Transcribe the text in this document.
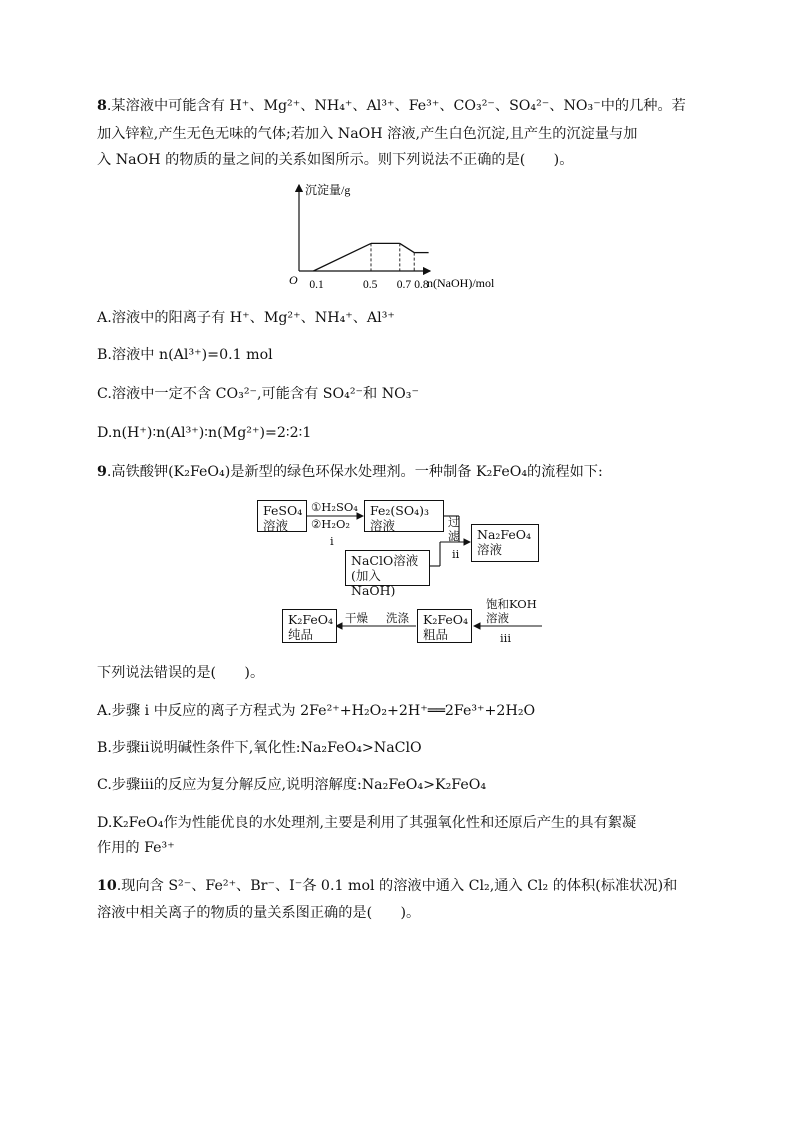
8.某溶液中可能含有 H⁺、Mg²⁺、NH₄⁺、Al³⁺、Fe³⁺、CO₃²⁻、SO₄²⁻、NO₃⁻中的几种。若
加入锌粒,产生无色无味的气体;若加入 NaOH 溶液,产生白色沉淀,且产生的沉淀量与加
入 NaOH 的物质的量之间的关系如图所示。则下列说法不正确的是(　　)。
沉淀量/g
O 0.1	0.5 0.7 0.8
n(NaOH)/mol
A.溶液中的阳离子有 H⁺、Mg²⁺、NH₄⁺、Al³⁺
B.溶液中 n(Al³⁺)=0.1 mol
C.溶液中一定不含 CO₃²⁻,可能含有 SO₄²⁻和 NO₃⁻
D.n(H⁺)∶n(Al³⁺)∶n(Mg²⁺)=2∶2∶1
9.高铁酸钾(K₂FeO₄)是新型的绿色环保水处理剂。一种制备 K₂FeO₄的流程如下:
FeSO₄
溶液
①H₂SO₄
②H₂O₂
i
Fe₂(SO₄)₃
溶液
NaClO溶液
(加入NaOH)
过
滤
ii
Na₂FeO₄
溶液
饱和KOH
溶液
iii
K₂FeO₄
粗品
洗涤
干燥
K₂FeO₄
纯品
下列说法错误的是(　　)。
A.步骤 i 中反应的离子方程式为 2Fe²⁺+H₂O₂+2H⁺══2Fe³⁺+2H₂O
B.步骤ii说明碱性条件下,氧化性:Na₂FeO₄>NaClO
C.步骤iii的反应为复分解反应,说明溶解度:Na₂FeO₄>K₂FeO₄
D.K₂FeO₄作为性能优良的水处理剂,主要是利用了其强氧化性和还原后产生的具有絮凝
作用的 Fe³⁺
10.现向含 S²⁻、Fe²⁺、Br⁻、I⁻各 0.1 mol 的溶液中通入 Cl₂,通入 Cl₂ 的体积(标准状况)和
溶液中相关离子的物质的量关系图正确的是(　　)。
